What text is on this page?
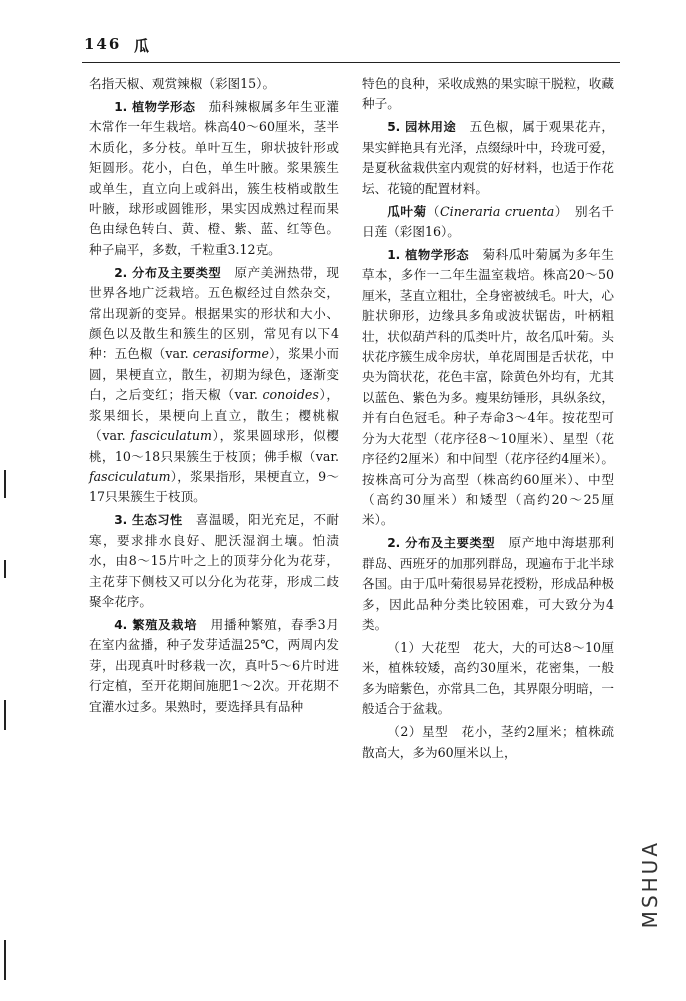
146 瓜

名指天椒、观赏辣椒（彩图15）。

1. 植物学形态　 茄科辣椒属多年生亚灌木常作一年生栽培。株高40～60厘米，茎半木质化，多分枝。单叶互生，卵状披针形或矩圆形。花小，白色，单生叶腋。浆果簇生或单生，直立向上或斜出，簇生枝梢或散生叶腋，球形或圆锥形，果实因成熟过程而果色由绿色转白、黄、橙、紫、蓝、红等色。种子扁平，多数，千粒重3.12克。

2. 分布及主要类型　 原产美洲热带，现世界各地广泛栽培。五色椒经过自然杂交，常出现新的变异。根据果实的形状和大小、颜色以及散生和簇生的区别，常见有以下4种：五色椒（var. cerasiforme），浆果小而圆，果梗直立，散生，初期为绿色，逐渐变白，之后变红；指天椒（var. conoides），浆果细长，果梗向上直立，散生；樱桃椒（var. fasciculatum），浆果圆球形，似樱桃，10～18只果簇生于枝顶；佛手椒（var. fasciculatum），浆果指形，果梗直立，9～17只果簇生于枝顶。

3. 生态习性　 喜温暖，阳光充足，不耐寒，要求排水良好、肥沃湿润土壤。怕渍水，由8～15片叶之上的顶芽分化为花芽，主花芽下侧枝又可以分化为花芽，形成二歧聚伞花序。

4. 繁殖及栽培　 用播种繁殖，春季3月在室内盆播，种子发芽适温25℃，两周内发芽，出现真叶时移栽一次，真叶5～6片时进行定植，至开花期间施肥1～2次。开花期不宜灌水过多。果熟时，要选择具有品种

特色的良种，采收成熟的果实晾干脱粒，收藏种子。

5. 园林用途　 五色椒，属于观果花卉，果实鲜艳具有光泽，点缀绿叶中，玲珑可爱，是夏秋盆栽供室内观赏的好材料，也适于作花坛、花镜的配置材料。

瓜叶菊（Cineraria cruenta）　别名千日莲（彩图16）。

1. 植物学形态　 菊科瓜叶菊属为多年生草本，多作一二年生温室栽培。株高20～50厘米，茎直立粗壮，全身密被绒毛。叶大，心脏状卵形，边缘具多角或波状锯齿，叶柄粗壮，状似葫芦科的瓜类叶片，故名瓜叶菊。头状花序簇生成伞房状，单花周围是舌状花，中央为筒状花，花色丰富，除黄色外均有，尤其以蓝色、紫色为多。瘦果纺锤形，具纵条纹，并有白色冠毛。种子寿命3～4年。按花型可分为大花型（花序径8～10厘米）、星型（花序径约2厘米）和中间型（花序径约4厘米）。按株高可分为高型（株高约60厘米）、中型（高约30厘米）和矮型（高约20～25厘米）。

2. 分布及主要类型　 原产地中海堪那利群岛、西班牙的加那列群岛，现遍布于北半球各国。由于瓜叶菊很易异花授粉，形成品种极多，因此品种分类比较困难，可大致分为4类。

（1）大花型　花大，大的可达8～10厘米，植株较矮，高约30厘米，花密集，一般多为暗紫色，亦常具二色，其界限分明暗，一般适合于盆栽。

（2）星型　花小，茎约2厘米；植株疏散高大，多为60厘米以上，

MSHUA
